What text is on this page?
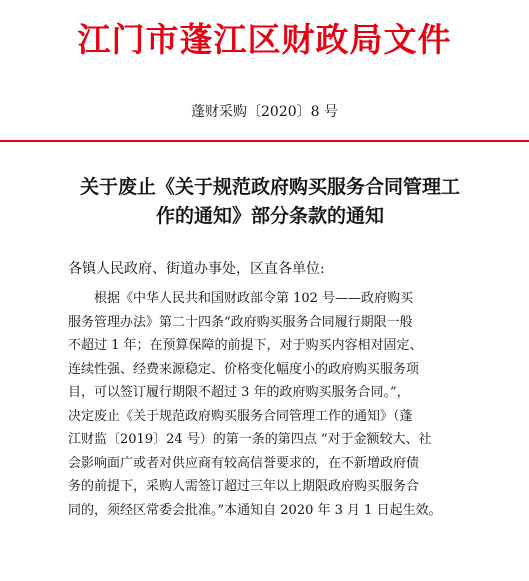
江门市蓬江区财政局文件
蓬财采购〔2020〕8 号
关于废止《关于规范政府购买服务合同管理工
作的通知》部分条款的通知
各镇人民政府、街道办事处，区直各单位:
根据《中华人民共和国财政部令第 102 号——政府购买
服务管理办法》第二十四条“政府购买服务合同履行期限一般
不超过 1 年；在预算保障的前提下，对于购买内容相对固定、
连续性强、经费来源稳定、价格变化幅度小的政府购买服务项
目，可以签订履行期限不超过 3 年的政府购买服务合同。”，
决定废止《关于规范政府购买服务合同管理工作的通知》（蓬
江财监〔2019〕24 号）的第一条的第四点 “对于金额较大、社
会影响面广或者对供应商有较高信誉要求的，在不新增政府债
务的前提下，采购人需签订超过三年以上期限政府购买服务合
同的，须经区常委会批准。”本通知自 2020 年 3 月 1 日起生效。
